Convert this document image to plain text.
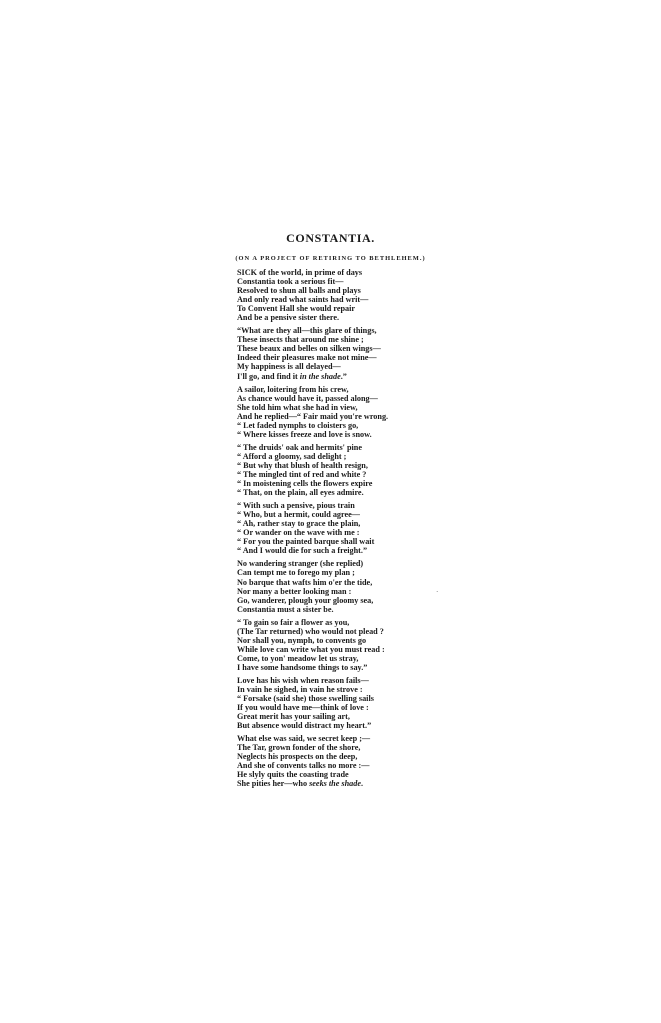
CONSTANTIA.
(ON A PROJECT OF RETIRING TO BETHLEHEM.)
SICK of the world, in prime of days
Constantia took a serious fit—
Resolved to shun all balls and plays
And only read what saints had writ—
To Convent Hall she would repair
And be a pensive sister there.
“What are they all—this glare of things,
These insects that around me shine ;
These beaux and belles on silken wings—
Indeed their pleasures make not mine—
My happiness is all delayed—
I'll go, and find it in the shade.”
A sailor, loitering from his crew,
As chance would have it, passed along—
She told him what she had in view,
And he replied—“ Fair maid you're wrong.
“ Let faded nymphs to cloisters go,
“ Where kisses freeze and love is snow.
“ The druids' oak and hermits' pine
“ Afford a gloomy, sad delight ;
“ But why that blush of health resign,
“ The mingled tint of red and white ?
“ In moistening cells the flowers expire
“ That, on the plain, all eyes admire.
“ With such a pensive, pious train
“ Who, but a hermit, could agree—
“ Ah, rather stay to grace the plain,
“ Or wander on the wave with me :
“ For you the painted barque shall wait
“ And I would die for such a freight.”
No wandering stranger (she replied)
Can tempt me to forego my plan ;
No barque that wafts him o'er the tide,
Nor many a better looking man :
Go, wanderer, plough your gloomy sea,
Constantia must a sister be.
“ To gain so fair a flower as you,
(The Tar returned) who would not plead ?
Nor shall you, nymph, to convents go
While love can write what you must read :
Come, to yon' meadow let us stray,
I have some handsome things to say.”
Love has his wish when reason fails—
In vain he sighed, in vain he strove :
“ Forsake (said she) those swelling sails
If you would have me—think of love :
Great merit has your sailing art,
But absence would distract my heart.”
What else was said, we secret keep ;—
The Tar, grown fonder of the shore,
Neglects his prospects on the deep,
And she of convents talks no more :—
He slyly quits the coasting trade
She pities her—who seeks the shade.
·
